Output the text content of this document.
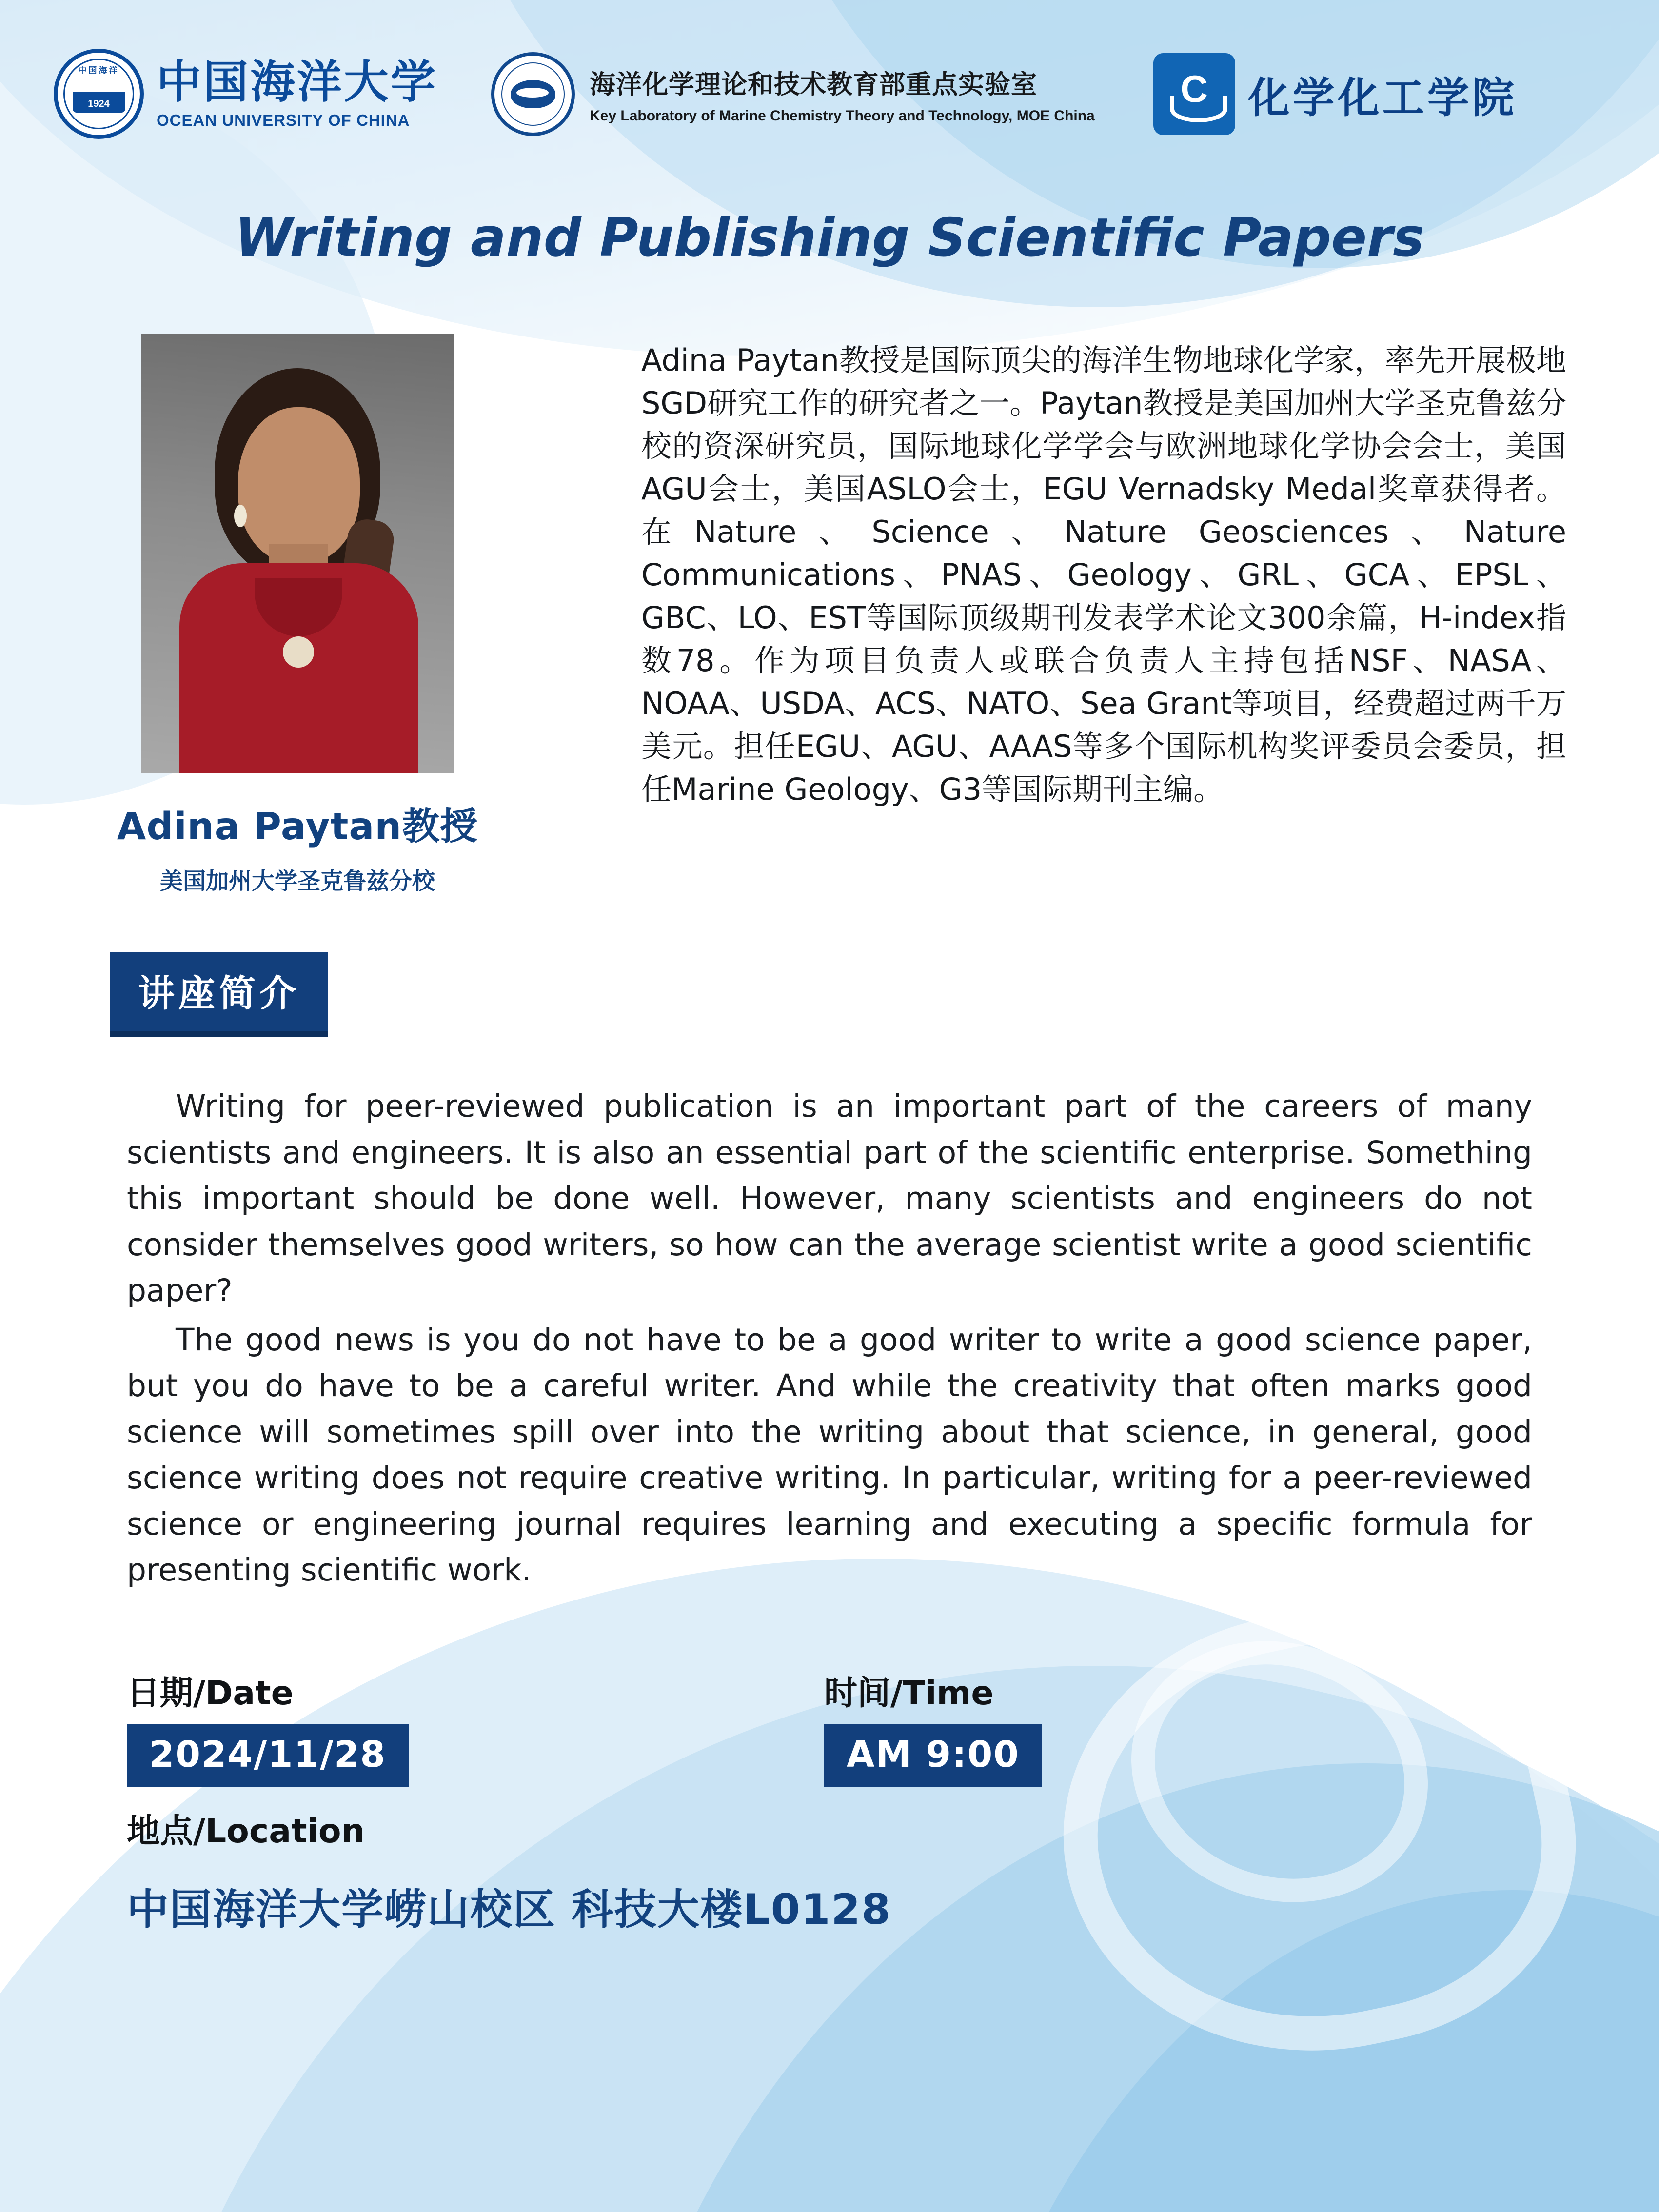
中国海洋
1924 中国海洋大学
OCEAN UNIVERSITY OF CHINA
海洋化学理论和技术教育部重点实验室
Key Laboratory of Marine Chemistry Theory and Technology, MOE China
C 化学化工学院
Writing and Publishing Scientific Papers
Adina Paytan教授
美国加州大学圣克鲁兹分校
Adina Paytan教授是国际顶尖的海洋生物地球化学家，率先开展极地SGD研究工作的研究者之一。Paytan教授是美国加州大学圣克鲁兹分校的资深研究员，国际地球化学学会与欧洲地球化学协会会士，美国AGU会士，美国ASLO会士，EGU Vernadsky Medal奖章获得者。在Nature、Science、Nature Geosciences、Nature Communications、PNAS、Geology、GRL、GCA、EPSL、GBC、LO、EST等国际顶级期刊发表学术论文300余篇，H-index指数78。作为项目负责人或联合负责人主持包括NSF、NASA、NOAA、USDA、ACS、NATO、Sea Grant等项目，经费超过两千万美元。担任EGU、AGU、AAAS等多个国际机构奖评委员会委员，担任Marine Geology、G3等国际期刊主编。
讲座简介

Writing for peer-reviewed publication is an important part of the careers of many scientists and engineers. It is also an essential part of the scientific enterprise. Something this important should be done well. However, many scientists and engineers do not consider themselves good writers, so how can the average scientist write a good scientific paper?

The good news is you do not have to be a good writer to write a good science paper, but you do have to be a careful writer. And while the creativity that often marks good science will sometimes spill over into the writing about that science, in general, good science writing does not require creative writing. In particular, writing for a peer-reviewed science or engineering journal requires learning and executing a specific formula for presenting scientific work.

日期/Date
2024/11/28
地点/Location
时间/Time
AM 9:00
中国海洋大学崂山校区 科技大楼L0128
